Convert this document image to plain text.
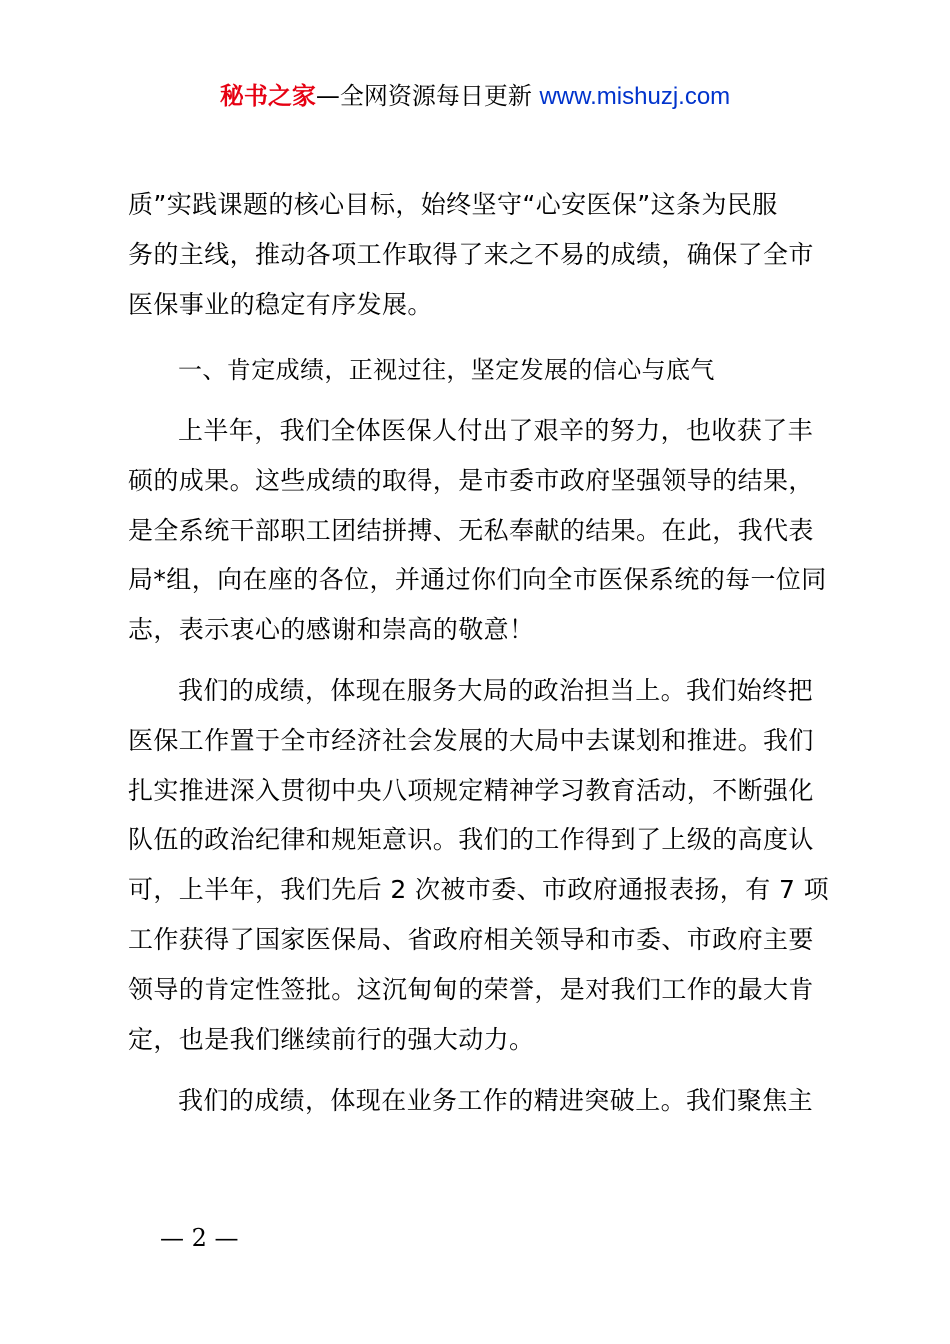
秘书之家—全网资源每日更新 www.mishuzj.com
质”实践课题的核心目标，始终坚守“心安医保”这条为民服
务的主线，推动各项工作取得了来之不易的成绩，确保了全市
医保事业的稳定有序发展。
一、肯定成绩，正视过往，坚定发展的信心与底气
上半年，我们全体医保人付出了艰辛的努力，也收获了丰
硕的成果。这些成绩的取得，是市委市政府坚强领导的结果，
是全系统干部职工团结拼搏、无私奉献的结果。在此，我代表
局*组，向在座的各位，并通过你们向全市医保系统的每一位同
志，表示衷心的感谢和崇高的敬意！
我们的成绩，体现在服务大局的政治担当上。我们始终把
医保工作置于全市经济社会发展的大局中去谋划和推进。我们
扎实推进深入贯彻中央八项规定精神学习教育活动，不断强化
队伍的政治纪律和规矩意识。我们的工作得到了上级的高度认
可，上半年，我们先后 2 次被市委、市政府通报表扬，有 7 项
工作获得了国家医保局、省政府相关领导和市委、市政府主要
领导的肯定性签批。这沉甸甸的荣誉，是对我们工作的最大肯
定，也是我们继续前行的强大动力。
我们的成绩，体现在业务工作的精进突破上。我们聚焦主
— 2 —
